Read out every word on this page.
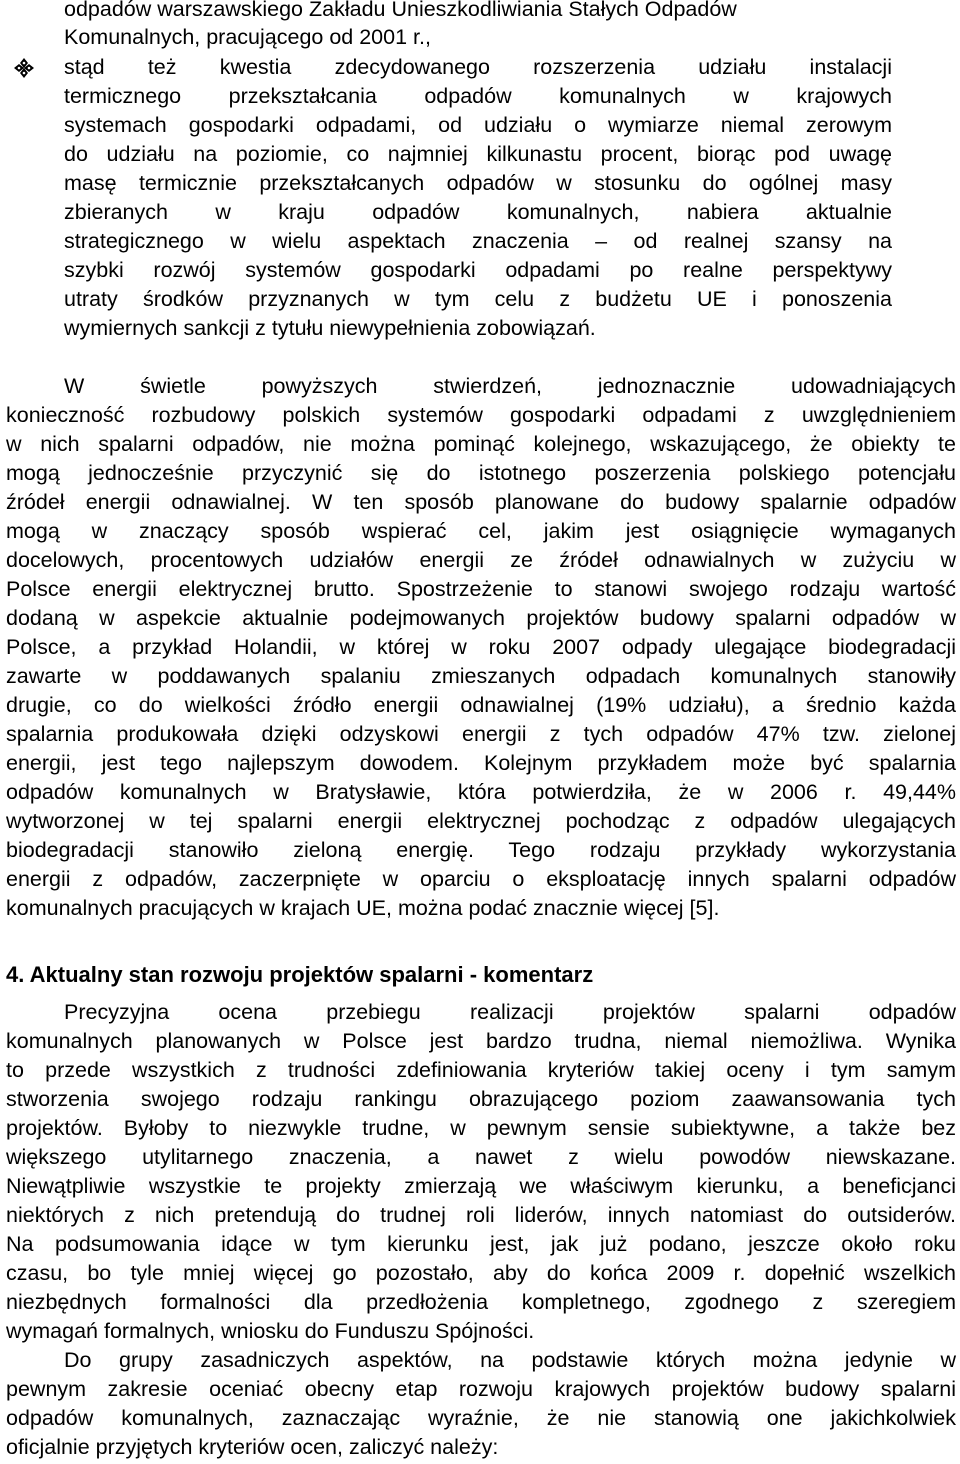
odpadów warszawskiego Zakładu Unieszkodliwiania Stałych Odpadów
Komunalnych, pracującego od 2001 r.,
stąd też kwestia zdecydowanego rozszerzenia udziału instalacji
termicznego przekształcania odpadów komunalnych w krajowych
systemach gospodarki odpadami, od udziału o wymiarze niemal zerowym
do udziału na poziomie, co najmniej kilkunastu procent, biorąc pod uwagę
masę termicznie przekształcanych odpadów w stosunku do ogólnej masy
zbieranych w kraju odpadów komunalnych, nabiera aktualnie
strategicznego w wielu aspektach znaczenia – od realnej szansy na
szybki rozwój systemów gospodarki odpadami po realne perspektywy
utraty środków przyznanych w tym celu z budżetu UE i ponoszenia
wymiernych sankcji z tytułu niewypełnienia zobowiązań.
W świetle powyższych stwierdzeń, jednoznacznie udowadniających
konieczność rozbudowy polskich systemów gospodarki odpadami z uwzględnieniem
w nich spalarni odpadów, nie można pominąć kolejnego, wskazującego, że obiekty te
mogą jednocześnie przyczynić się do istotnego poszerzenia polskiego potencjału
źródeł energii odnawialnej. W ten sposób planowane do budowy spalarnie odpadów
mogą w znaczący sposób wspierać cel, jakim jest osiągnięcie wymaganych
docelowych, procentowych udziałów energii ze źródeł odnawialnych w zużyciu w
Polsce energii elektrycznej brutto. Spostrzeżenie to stanowi swojego rodzaju wartość
dodaną w aspekcie aktualnie podejmowanych projektów budowy spalarni odpadów w
Polsce, a przykład Holandii, w której w roku 2007 odpady ulegające biodegradacji
zawarte w poddawanych spalaniu zmieszanych odpadach komunalnych stanowiły
drugie, co do wielkości źródło energii odnawialnej (19% udziału), a średnio każda
spalarnia produkowała dzięki odzyskowi energii z tych odpadów 47% tzw. zielonej
energii, jest tego najlepszym dowodem. Kolejnym przykładem może być spalarnia
odpadów komunalnych w Bratysławie, która potwierdziła, że w 2006 r. 49,44%
wytworzonej w tej spalarni energii elektrycznej pochodząc z odpadów ulegających
biodegradacji stanowiło zieloną energię. Tego rodzaju przykłady wykorzystania
energii z odpadów, zaczerpnięte w oparciu o eksploatację innych spalarni odpadów
komunalnych pracujących w krajach UE, można podać znacznie więcej [5].
4. Aktualny stan rozwoju projektów spalarni - komentarz
Precyzyjna ocena przebiegu realizacji projektów spalarni odpadów
komunalnych planowanych w Polsce jest bardzo trudna, niemal niemożliwa. Wynika
to przede wszystkich z trudności zdefiniowania kryteriów takiej oceny i tym samym
stworzenia swojego rodzaju rankingu obrazującego poziom zaawansowania tych
projektów. Byłoby to niezwykle trudne, w pewnym sensie subiektywne, a także bez
większego utylitarnego znaczenia, a nawet z wielu powodów niewskazane.
Niewątpliwie wszystkie te projekty zmierzają we właściwym kierunku, a beneficjanci
niektórych z nich pretendują do trudnej roli liderów, innych natomiast do outsiderów.
Na podsumowania idące w tym kierunku jest, jak już podano, jeszcze około roku
czasu, bo tyle mniej więcej go pozostało, aby do końca 2009 r. dopełnić wszelkich
niezbędnych formalności dla przedłożenia kompletnego, zgodnego z szeregiem
wymagań formalnych, wniosku do Funduszu Spójności.
Do grupy zasadniczych aspektów, na podstawie których można jedynie w
pewnym zakresie oceniać obecny etap rozwoju krajowych projektów budowy spalarni
odpadów komunalnych, zaznaczając wyraźnie, że nie stanowią one jakichkolwiek
oficjalnie przyjętych kryteriów ocen, zaliczyć należy:
